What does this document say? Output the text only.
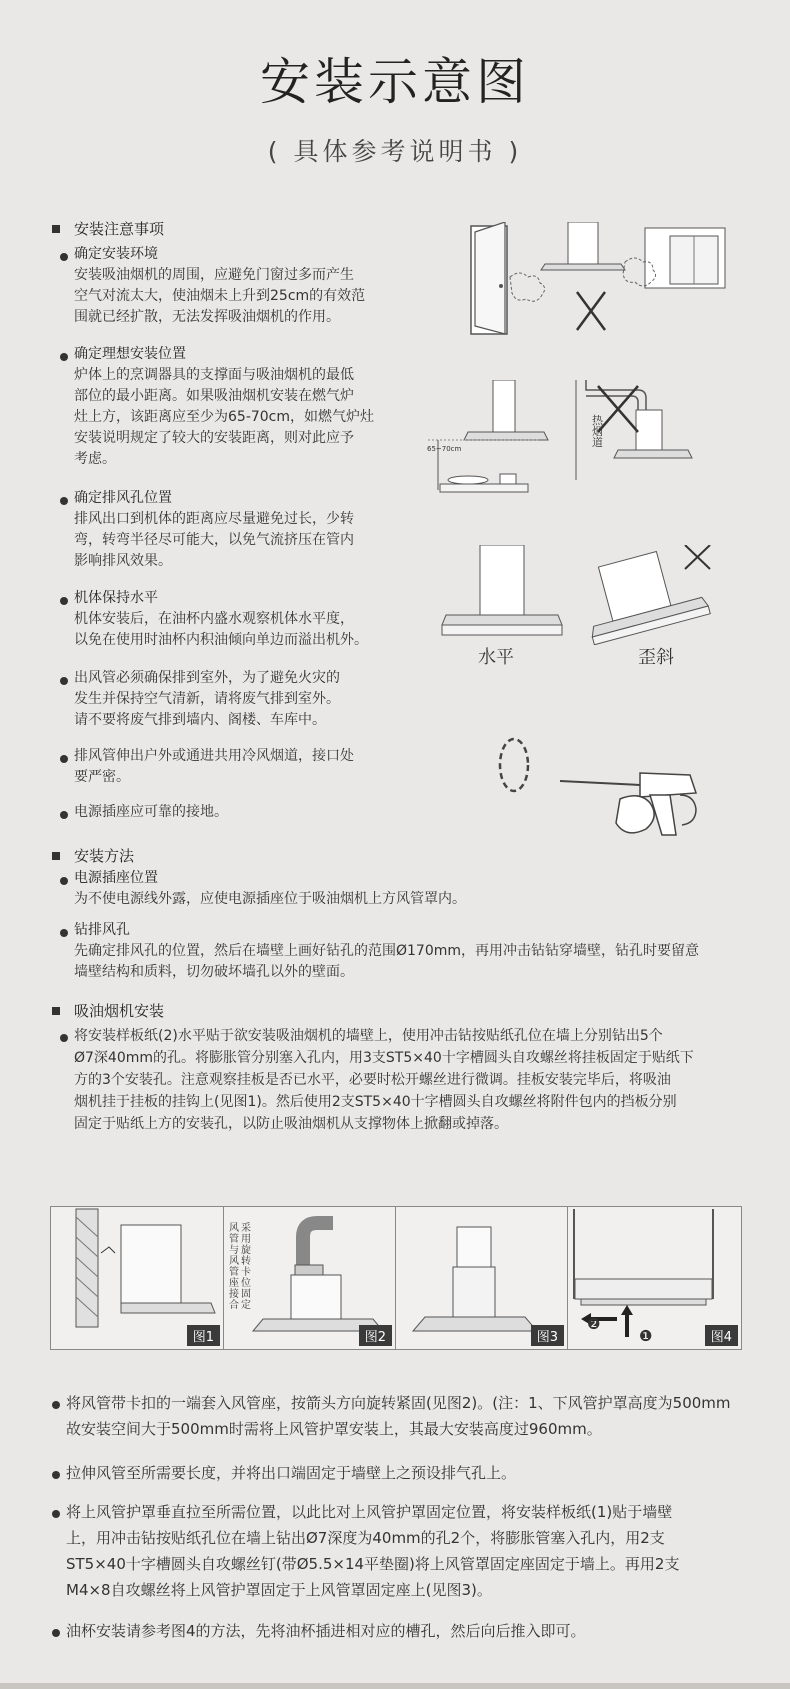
安装示意图
( 具体参考说明书 )
安装注意事项
确定安装环境
安装吸油烟机的周围，应避免门窗过多而产生
空气对流太大，使油烟未上升到25cm的有效范
围就已经扩散，无法发挥吸油烟机的作用。
确定理想安装位置
炉体上的烹调器具的支撑面与吸油烟机的最低
部位的最小距离。如果吸油烟机安装在燃气炉
灶上方，该距离应至少为65-70cm，如燃气炉灶
安装说明规定了较大的安装距离，则对此应予
考虑。
确定排风孔位置
排风出口到机体的距离应尽量避免过长，少转
弯，转弯半径尽可能大，以免气流挤压在管内
影响排风效果。
机体保持水平
机体安装后，在油杯内盛水观察机体水平度，
以免在使用时油杯内积油倾向单边而溢出机外。
出风管必须确保排到室外，为了避免火灾的
发生并保持空气清新，请将废气排到室外。
请不要将废气排到墙内、阁楼、车库中。
排风管伸出户外或通进共用冷风烟道，接口处
要严密。
电源插座应可靠的接地。
安装方法
电源插座位置
为不使电源线外露，应使电源插座位于吸油烟机上方风管罩内。
钻排风孔
先确定排风孔的位置，然后在墙壁上画好钻孔的范围Ø170mm，再用冲击钻钻穿墙壁，钻孔时要留意
墙壁结构和质料，切勿破坏墙孔以外的壁面。
吸油烟机安装
将安装样板纸(2)水平贴于欲安装吸油烟机的墙壁上，使用冲击钻按贴纸孔位在墙上分别钻出5个
Ø7深40mm的孔。将膨胀管分别塞入孔内，用3支ST5×40十字槽圆头自攻螺丝将挂板固定于贴纸下
方的3个安装孔。注意观察挂板是否已水平，必要时松开螺丝进行微调。挂板安装完毕后，将吸油
烟机挂于挂板的挂钩上(见图1)。然后使用2支ST5×40十字槽圆头自攻螺丝将附件包内的挡板分别
固定于贴纸上方的安装孔，以防止吸油烟机从支撑物体上掀翻或掉落。
热烟道
65~70cm
水平	歪斜
图1
采用旋转卡位固定
风管与风管座接合
图2	图3
❷
❶	图4
将风管带卡扣的一端套入风管座，按箭头方向旋转紧固(见图2)。(注：1、下风管护罩高度为500mm
故安装空间大于500mm时需将上风管护罩安装上，其最大安装高度过960mm。
拉伸风管至所需要长度，并将出口端固定于墙壁上之预设排气孔上。
将上风管护罩垂直拉至所需位置，以此比对上风管护罩固定位置，将安装样板纸(1)贴于墙壁
上，用冲击钻按贴纸孔位在墙上钻出Ø7深度为40mm的孔2个，将膨胀管塞入孔内，用2支
ST5×40十字槽圆头自攻螺丝钉(带Ø5.5×14平垫圈)将上风管罩固定座固定于墙上。再用2支
M4×8自攻螺丝将上风管护罩固定于上风管罩固定座上(见图3)。
油杯安装请参考图4的方法，先将油杯插进相对应的槽孔，然后向后推入即可。
